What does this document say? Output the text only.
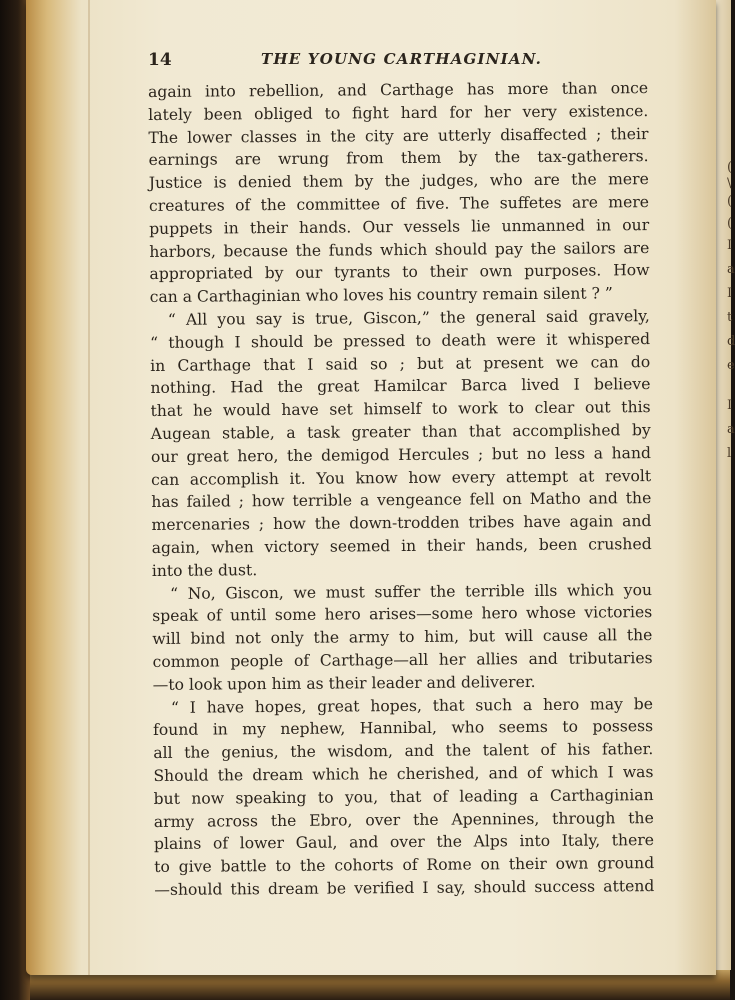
(
\
(
(
I
a
I
t
d
e
I
a
l
14	THE YOUNG CARTHAGINIAN.
again into rebellion, and Carthage has more than once
lately been obliged to fight hard for her very existence.
The lower classes in the city are utterly disaffected ; their
earnings are wrung from them by the tax-gatherers.
Justice is denied them by the judges, who are the mere
creatures of the committee of five. The suffetes are mere
puppets in their hands. Our vessels lie unmanned in our
harbors, because the funds which should pay the sailors are
appropriated by our tyrants to their own purposes. How
can a Carthaginian who loves his country remain silent ? ”
“ All you say is true, Giscon,” the general said gravely,
“ though I should be pressed to death were it whispered
in Carthage that I said so ; but at present we can do
nothing. Had the great Hamilcar Barca lived I believe
that he would have set himself to work to clear out this
Augean stable, a task greater than that accomplished by
our great hero, the demigod Hercules ; but no less a hand
can accomplish it. You know how every attempt at revolt
has failed ; how terrible a vengeance fell on Matho and the
mercenaries ; how the down-trodden tribes have again and
again, when victory seemed in their hands, been crushed
into the dust.
“ No, Giscon, we must suffer the terrible ills which you
speak of until some hero arises—some hero whose victories
will bind not only the army to him, but will cause all the
common people of Carthage—all her allies and tributaries
—to look upon him as their leader and deliverer.
“ I have hopes, great hopes, that such a hero may be
found in my nephew, Hannibal, who seems to possess
all the genius, the wisdom, and the talent of his father.
Should the dream which he cherished, and of which I was
but now speaking to you, that of leading a Carthaginian
army across the Ebro, over the Apennines, through the
plains of lower Gaul, and over the Alps into Italy, there
to give battle to the cohorts of Rome on their own ground
—should this dream be verified I say, should success attend
